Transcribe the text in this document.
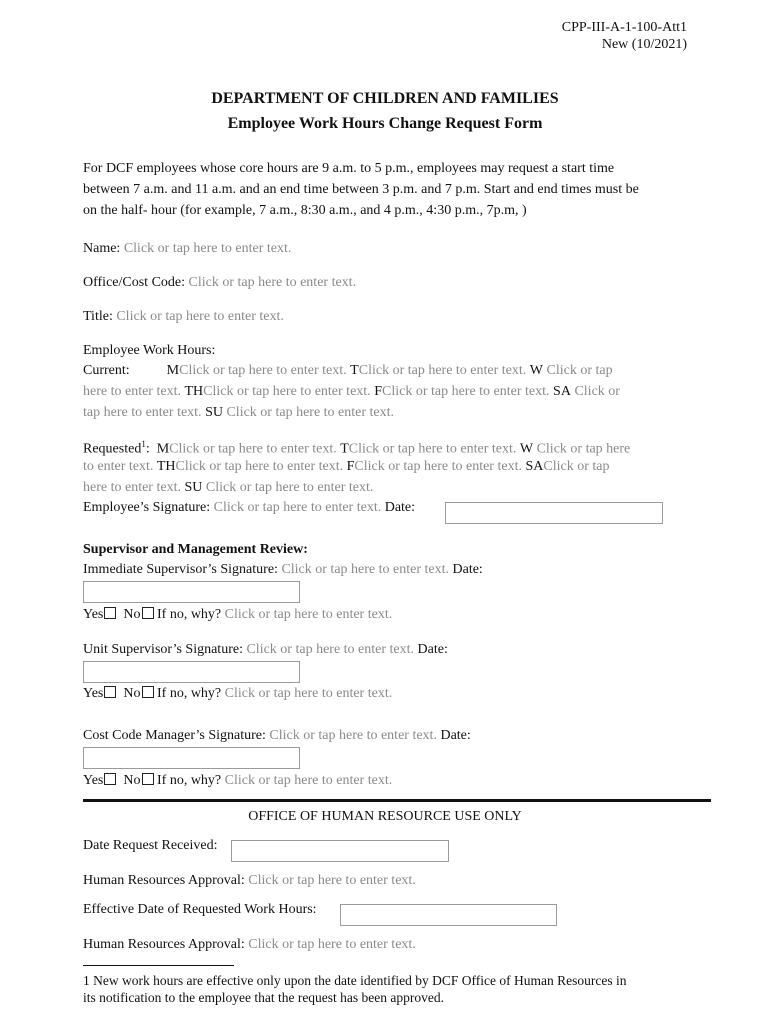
CPP-III-A-1-100-Att1
New (10/2021)
DEPARTMENT OF CHILDREN AND FAMILIES
Employee Work Hours Change Request Form
For DCF employees whose core hours are 9 a.m. to 5 p.m., employees may request a start time
between 7 a.m. and 11 a.m. and an end time between 3 p.m. and 7 p.m. Start and end times must be
on the half- hour (for example, 7 a.m., 8:30 a.m., and 4 p.m., 4:30 p.m., 7p.m, )
Name: Click or tap here to enter text.
Office/Cost Code: Click or tap here to enter text.
Title: Click or tap here to enter text.
Employee Work Hours:
Current:	MClick or tap here to enter text. TClick or tap here to enter text. W Click or tap
here to enter text. THClick or tap here to enter text. FClick or tap here to enter text. SA Click or
tap here to enter text. SU Click or tap here to enter text.
Requested$^1$: MClick or tap here to enter text. TClick or tap here to enter text. W Click or tap here
to enter text. THClick or tap here to enter text. FClick or tap here to enter text. SAClick or tap
here to enter text. SU Click or tap here to enter text.
Employee’s Signature: Click or tap here to enter text. Date:
Supervisor and Management Review:
Immediate Supervisor’s Signature: Click or tap here to enter text. Date:
Yes No If no, why? Click or tap here to enter text.
Unit Supervisor’s Signature: Click or tap here to enter text. Date:
Yes No If no, why? Click or tap here to enter text.
Cost Code Manager’s Signature: Click or tap here to enter text. Date:
Yes No If no, why? Click or tap here to enter text.
OFFICE OF HUMAN RESOURCE USE ONLY
Date Request Received:
Human Resources Approval: Click or tap here to enter text.
Effective Date of Requested Work Hours:
Human Resources Approval: Click or tap here to enter text.
1 New work hours are effective only upon the date identified by DCF Office of Human Resources in
its notification to the employee that the request has been approved.
